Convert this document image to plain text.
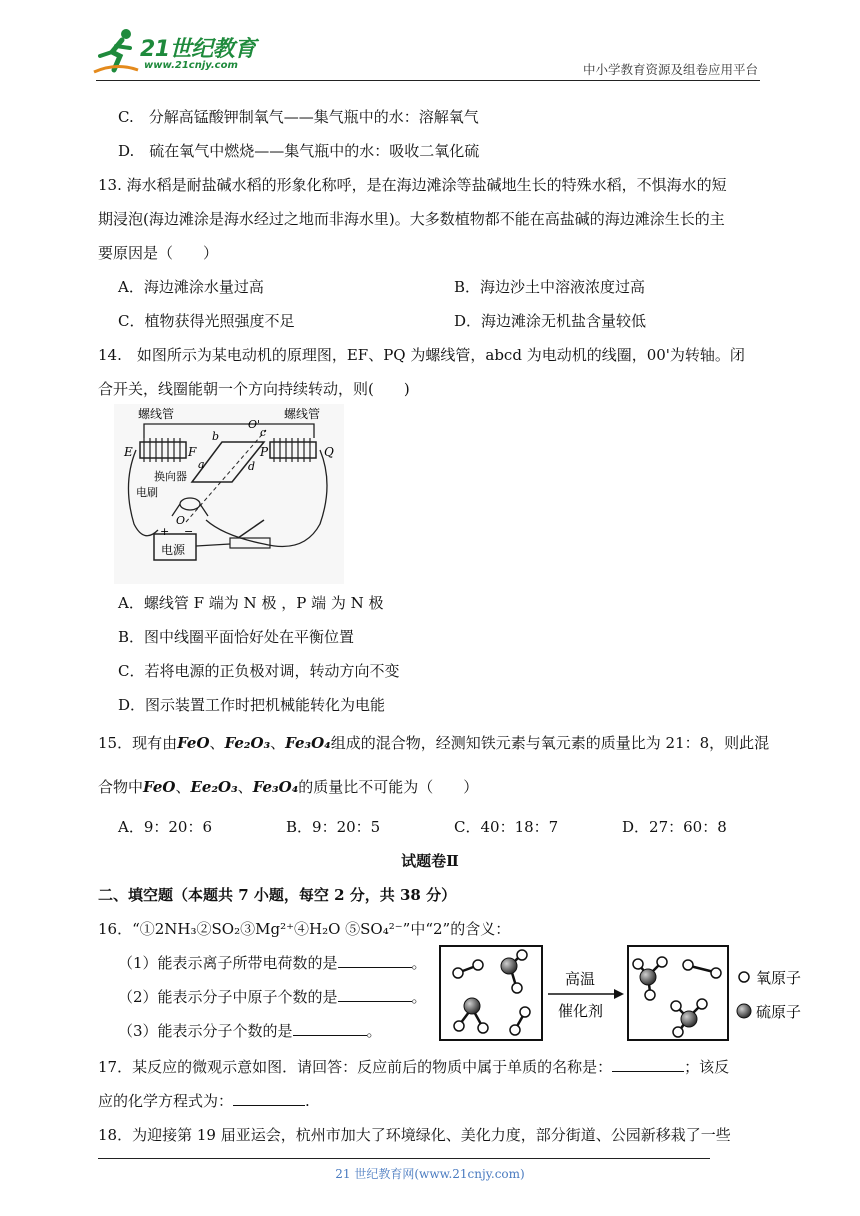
21世纪教育
www.21cnjy.com	中小学教育资源及组卷应用平台
C.　分解高锰酸钾制氧气——集气瓶中的水：溶解氧气
D.　硫在氧气中燃烧——集气瓶中的水：吸收二氧化硫
13. 海水稻是耐盐碱水稻的形象化称呼，是在海边滩涂等盐碱地生长的特殊水稻，不惧海水的短
期浸泡(海边滩涂是海水经过之地而非海水里)。大多数植物都不能在高盐碱的海边滩涂生长的主
要原因是（　　）
A．海边滩涂水量过高	B．海边沙土中溶液浓度过高
C．植物获得光照强度不足	D．海边滩涂无机盐含量较低
14.　如图所示为某电动机的原理图，EF、PQ 为螺线管，abcd 为电动机的线圈，00'为转轴。闭
合开关，线圈能朝一个方向持续转动，则(　　)
螺线管	螺线管
E	F	P	Q
a
b	c
d
O'
O
换向器
电刷
+ −
电源
A．螺线管 F 端为 N 极 ，P 端 为 N 极
B．图中线圈平面恰好处在平衡位置
C．若将电源的正负极对调，转动方向不变
D．图示装置工作时把机械能转化为电能
15．现有由FeO、Fe₂O₃、Fe₃O₄组成的混合物，经测知铁元素与氧元素的质量比为 21：8，则此混
合物中FeO、Ee₂O₃、Fe₃O₄的质量比不可能为（　　）
A．9：20：6	B．9：20：5	C．40：18：7	D．27：60：8
试题卷Ⅱ
二、填空题（本题共 7 小题，每空 2 分，共 38 分）
16．“①2NH₃②SO₂③Mg²⁺④H₂O ⑤SO₄²⁻”中“2”的含义：
（1）能表示离子所带电荷数的是	。
（2）能表示分子中原子个数的是	。
（3）能表示分子个数的是	。
高温
催化剂
氧原子
硫原子
17．某反应的微观示意如图．请回答：反应前后的物质中属于单质的名称是：	；该反
应的化学方程式为：	.
18．为迎接第 19 届亚运会，杭州市加大了环境绿化、美化力度，部分街道、公园新移栽了一些
21 世纪教育网(www.21cnjy.com)
